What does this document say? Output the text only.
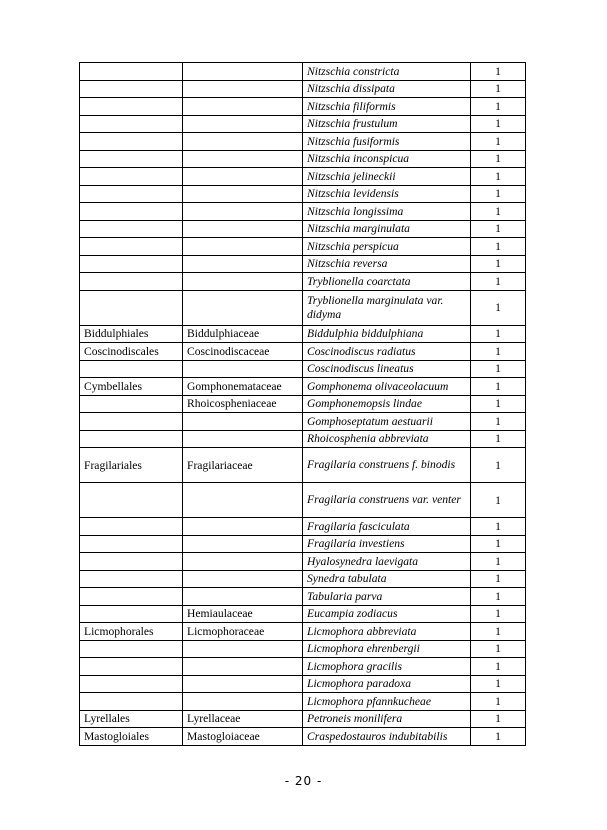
		Nitzschia constricta	1
		Nitzschia dissipata	1
		Nitzschia filiformis	1
		Nitzschia frustulum	1
		Nitzschia fusiformis	1
		Nitzschia inconspicua	1
		Nitzschia jelineckii	1
		Nitzschia levidensis	1
		Nitzschia longissima	1
		Nitzschia marginulata	1
		Nitzschia perspicua	1
		Nitzschia reversa	1
		Tryblionella coarctata	1
		Tryblionella marginulata var. didyma	1
Biddulphiales	Biddulphiaceae	Biddulphia biddulphiana	1
Coscinodiscales	Coscinodiscaceae	Coscinodiscus radiatus	1
		Coscinodiscus lineatus	1
Cymbellales	Gomphonemataceae	Gomphonema olivaceolacuum	1
	Rhoicospheniaceae	Gomphonemopsis lindae	1
		Gomphoseptatum aestuarii	1
		Rhoicosphenia abbreviata	1
Fragilariales	Fragilariaceae	Fragilaria construens f. binodis	1
		Fragilaria construens var. venter	1
		Fragilaria fasciculata	1
		Fragilaria investiens	1
		Hyalosynedra laevigata	1
		Synedra tabulata	1
		Tabularia parva	1
	Hemiaulaceae	Eucampia zodiacus	1
Licmophorales	Licmophoraceae	Licmophora abbreviata	1
		Licmophora ehrenbergii	1
		Licmophora gracilis	1
		Licmophora paradoxa	1
		Licmophora pfannkucheae	1
Lyrellales	Lyrellaceae	Petroneis monilifera	1
Mastogloiales	Mastogloiaceae	Craspedostauros indubitabilis	1
- 20 -
